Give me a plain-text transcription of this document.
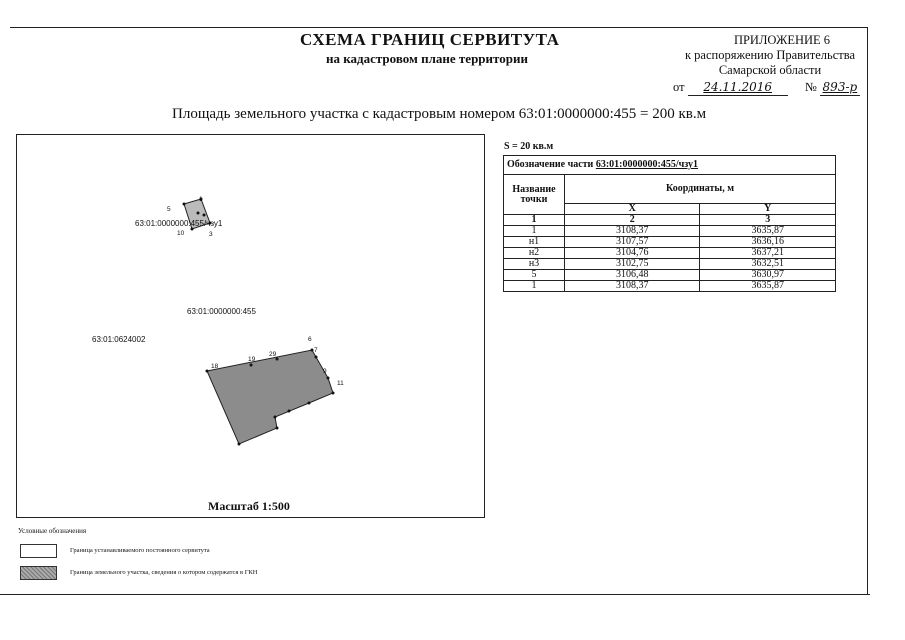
СХЕМА ГРАНИЦ СЕРВИТУТА
на кадастровом плане территории
ПРИЛОЖЕНИЕ 6
к распоряжению Правительства
Самарской области
от 24.11.2016	№ 893-р
Площадь земельного участка с кадастровым номером 63:01:0000000:455 = 200 кв.м
63:01:0000000:455/чзу1
63:01:0000000:455
63:01:0624002
1
5
3
10
18
19
29
6
7
9
11
Масштаб 1:500
S = 20 кв.м
Обозначение части 63:01:0000000:455/чзу1		
Название точки	Координаты, м	
	X	Y
1	2	3
1	3108,37	3635,87
н1	3107,57	3636,16
н2	3104,76	3637,21
н3	3102,75	3632,51
5	3106,48	3630,97
1	3108,37	3635,87
Условные обозначения
Граница устанавливаемого постоянного сервитута
Граница земельного участка, сведения о котором содержатся в ГКН
